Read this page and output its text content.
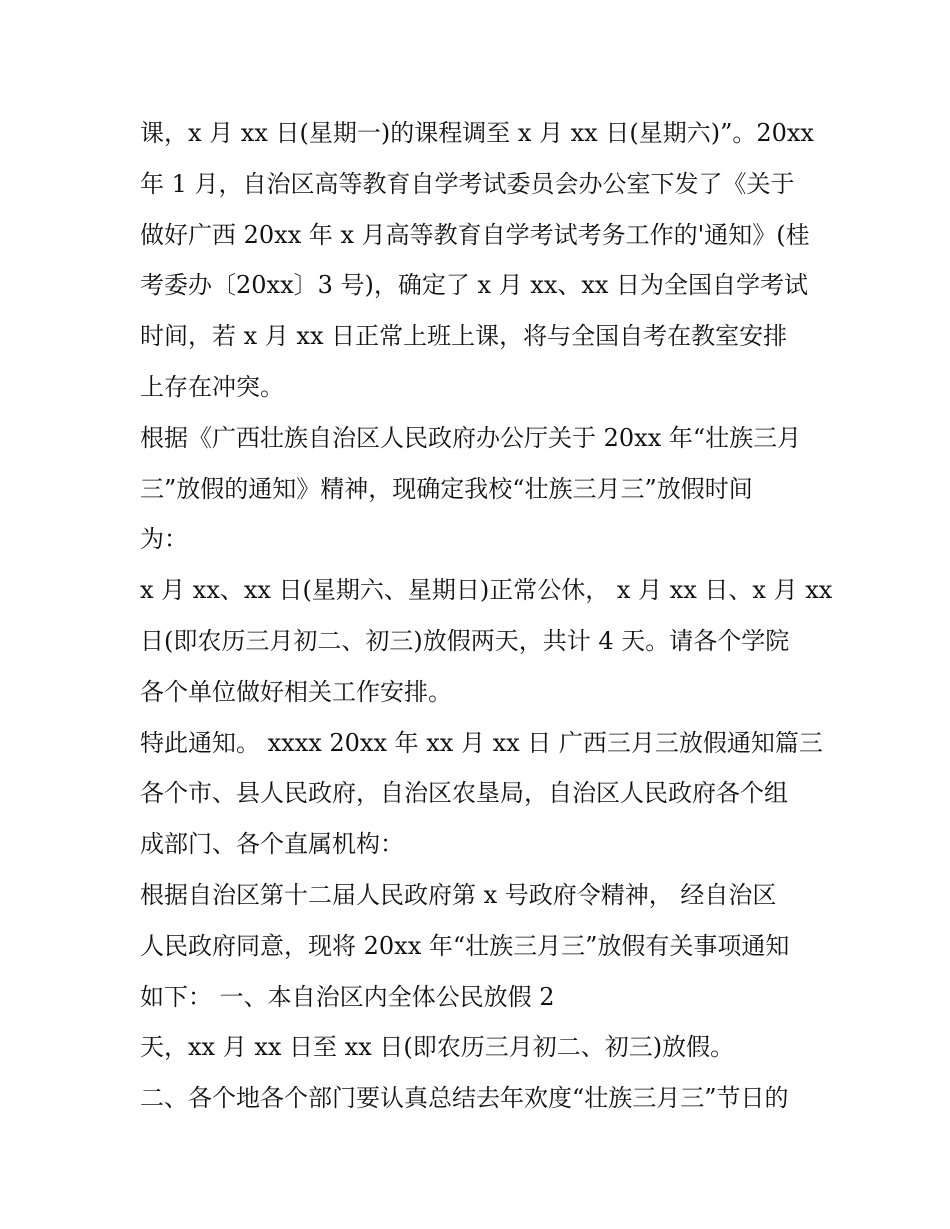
课，x 月 xx 日(星期一)的课程调至 x 月 xx 日(星期六)”。20xx
年 1 月，自治区高等教育自学考试委员会办公室下发了《关于
做好广西 20xx 年 x 月高等教育自学考试考务工作的'通知》(桂
考委办〔20xx〕3 号)，确定了 x 月 xx、xx 日为全国自学考试
时间，若 x 月 xx 日正常上班上课，将与全国自考在教室安排
上存在冲突。
根据《广西壮族自治区人民政府办公厅关于 20xx 年“壮族三月
三”放假的通知》精神，现确定我校“壮族三月三”放假时间
为：
x 月 xx、xx 日(星期六、星期日)正常公休， x 月 xx 日、x 月 xx
日(即农历三月初二、初三)放假两天，共计 4 天。请各个学院
各个单位做好相关工作安排。
特此通知。 xxxx 20xx 年 xx 月 xx 日 广西三月三放假通知篇三
各个市、县人民政府，自治区农垦局，自治区人民政府各个组
成部门、各个直属机构：
根据自治区第十二届人民政府第 x 号政府令精神， 经自治区
人民政府同意，现将 20xx 年“壮族三月三”放假有关事项通知
如下： 一、本自治区内全体公民放假 2
天，xx 月 xx 日至 xx 日(即农历三月初二、初三)放假。
二、各个地各个部门要认真总结去年欢度“壮族三月三”节日的
